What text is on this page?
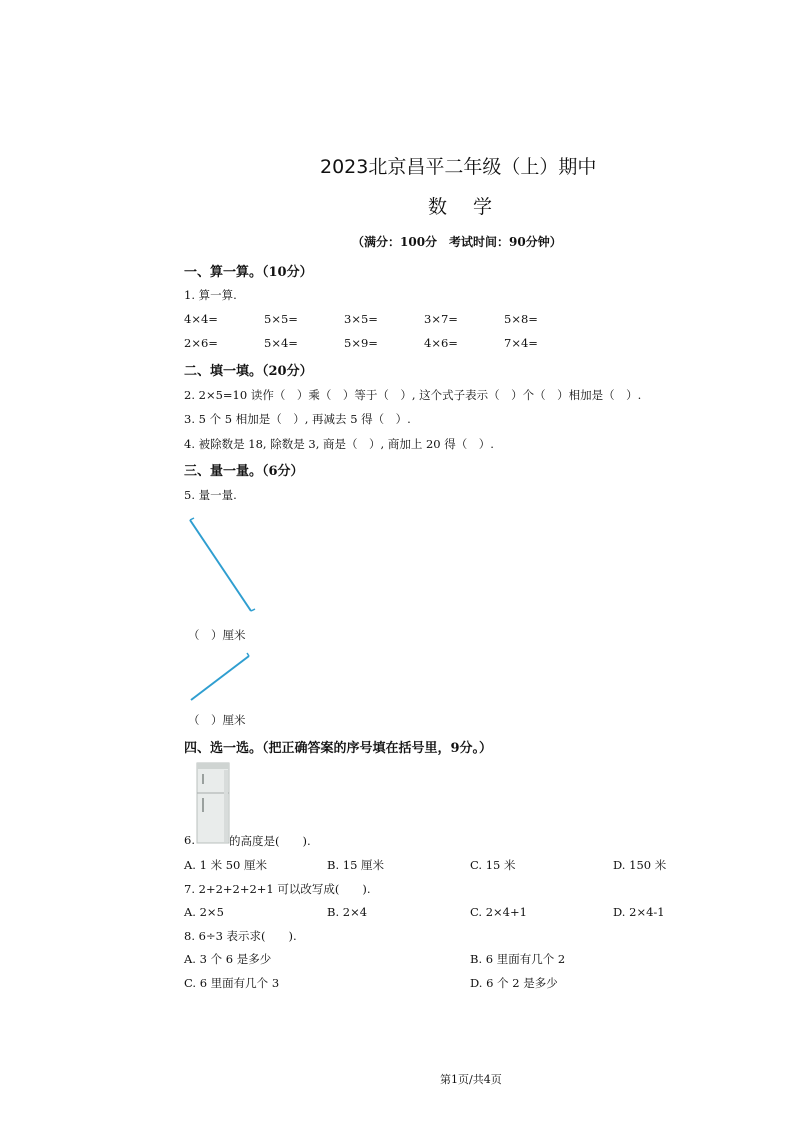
2023北京昌平二年级（上）期中
数学
（满分：100分　考试时间：90分钟）
一、算一算。（10分）
1. 算一算.
4×4=	5×5=	3×5=	3×7=	5×8=
2×6=	5×4=	5×9=	4×6=	7×4=
二、填一填。（20分）
2. 2×5=10 读作（　）乘（　）等于（　）, 这个式子表示（　）个（　）相加是（　）.
3. 5 个 5 相加是（　）, 再减去 5 得（　）.
4. 被除数是 18, 除数是 3, 商是（　）, 商加上 20 得（　）.
三、量一量。（6分）
5. 量一量.
（　）厘米
（　）厘米
四、选一选。（把正确答案的序号填在括号里，9分。）
6.	的高度是(　　).
A. 1 米 50 厘米	B. 15 厘米	C. 15 米	D. 150 米
7. 2+2+2+2+1 可以改写成(　　).
A. 2×5	B. 2×4	C. 2×4+1	D. 2×4-1
8. 6÷3 表示求(　　).
A. 3 个 6 是多少	B. 6 里面有几个 2
C. 6 里面有几个 3	D. 6 个 2 是多少
第1页/共4页
